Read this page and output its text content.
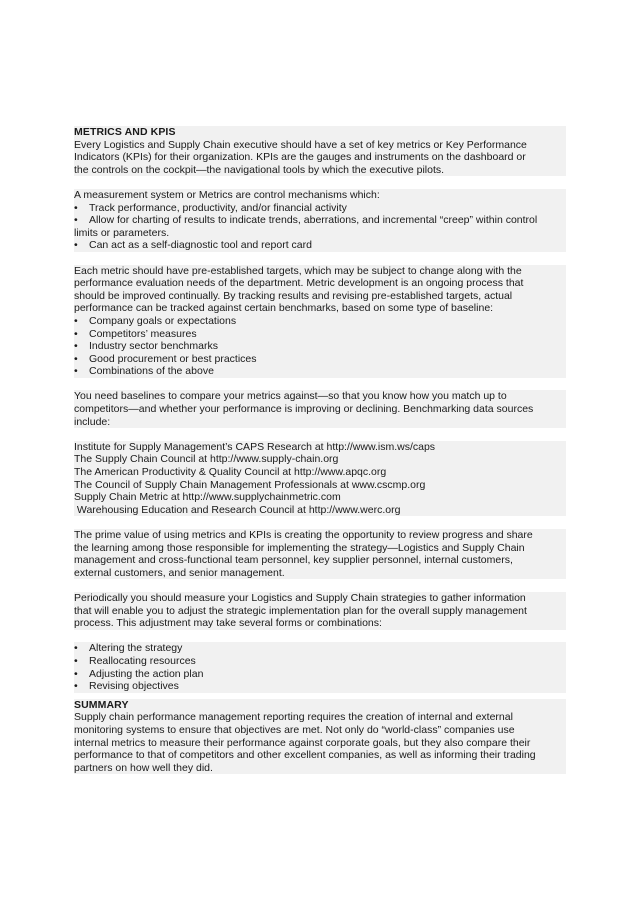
METRICS AND KPIS
Every Logistics and Supply Chain executive should have a set of key metrics or Key Performance
Indicators (KPIs) for their organization. KPIs are the gauges and instruments on the dashboard or
the controls on the cockpit—the navigational tools by which the executive pilots.
A measurement system or Metrics are control mechanisms which:
• Track performance, productivity, and/or financial activity
• Allow for charting of results to indicate trends, aberrations, and incremental “creep” within control
limits or parameters.
• Can act as a self-diagnostic tool and report card
Each metric should have pre-established targets, which may be subject to change along with the
performance evaluation needs of the department. Metric development is an ongoing process that
should be improved continually. By tracking results and revising pre-established targets, actual
performance can be tracked against certain benchmarks, based on some type of baseline:
• Company goals or expectations
• Competitors’ measures
• Industry sector benchmarks
• Good procurement or best practices
• Combinations of the above
You need baselines to compare your metrics against—so that you know how you match up to
competitors—and whether your performance is improving or declining. Benchmarking data sources
include:
Institute for Supply Management’s CAPS Research at http://www.ism.ws/caps
The Supply Chain Council at http://www.supply-chain.org
The American Productivity & Quality Council at http://www.apqc.org
The Council of Supply Chain Management Professionals at www.cscmp.org
Supply Chain Metric at http://www.supplychainmetric.com
Warehousing Education and Research Council at http://www.werc.org
The prime value of using metrics and KPIs is creating the opportunity to review progress and share
the learning among those responsible for implementing the strategy—Logistics and Supply Chain
management and cross-functional team personnel, key supplier personnel, internal customers,
external customers, and senior management.
Periodically you should measure your Logistics and Supply Chain strategies to gather information
that will enable you to adjust the strategic implementation plan for the overall supply management
process. This adjustment may take several forms or combinations:
• Altering the strategy
• Reallocating resources
• Adjusting the action plan
• Revising objectives
SUMMARY
Supply chain performance management reporting requires the creation of internal and external
monitoring systems to ensure that objectives are met. Not only do “world-class” companies use
internal metrics to measure their performance against corporate goals, but they also compare their
performance to that of competitors and other excellent companies, as well as informing their trading
partners on how well they did.
